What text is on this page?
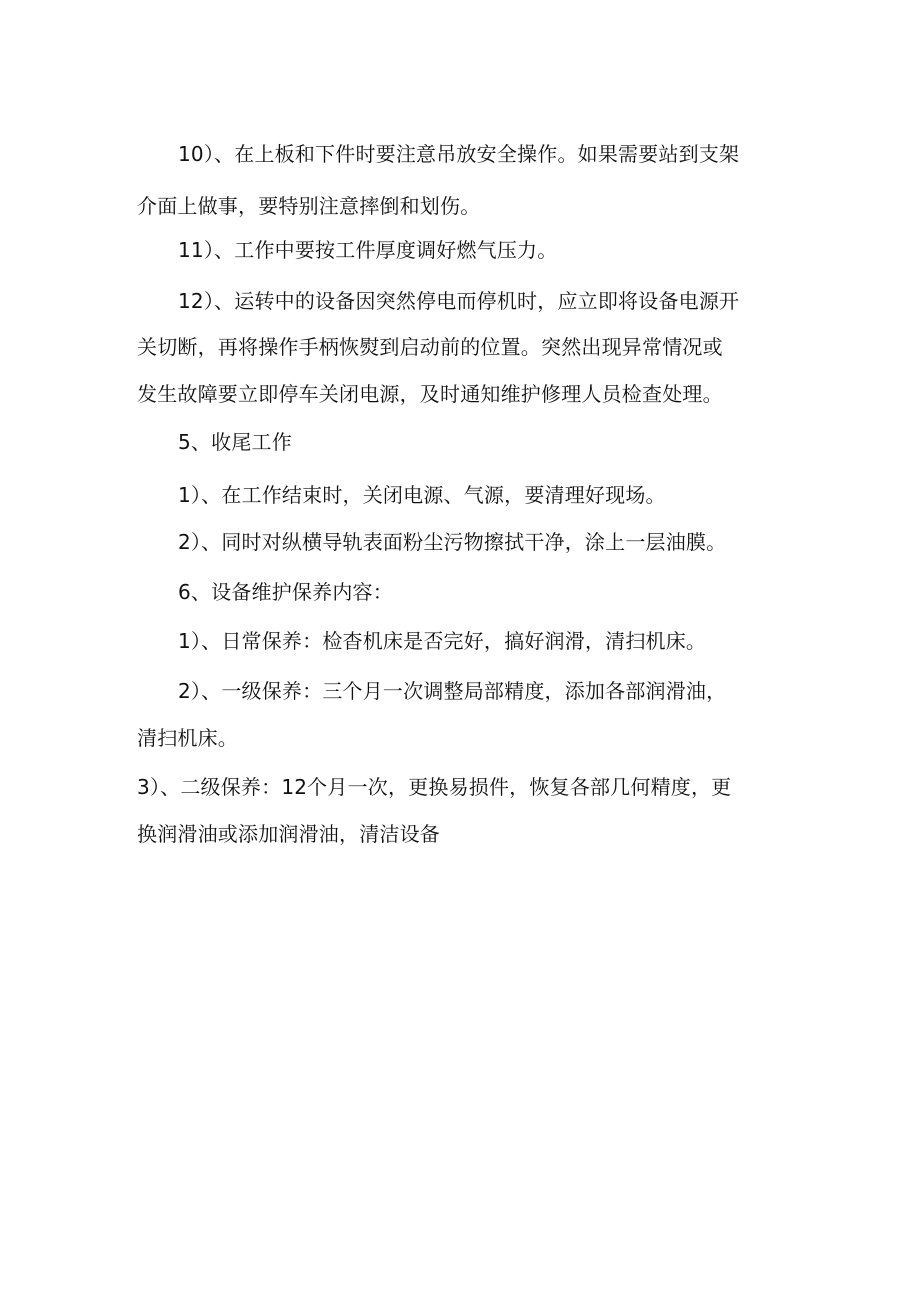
10）、在上板和下件时要注意吊放安全操作。如果需要站到支架

介面上做事，要特别注意摔倒和划伤。

11）、工作中要按工件厚度调好燃气压力。

12）、运转中的设备因突然停电而停机时，应立即将设备电源开

关切断，再将操作手柄恢熨到启动前的位置。突然出现异常情况或

发生故障要立即停车关闭电源，及时通知维护修理人员检查处理。

5、收尾工作

1）、在工作结束时，关闭电源、气源，要清理好现场。

2）、同时对纵横导轨表面粉尘污物擦拭干净，涂上一层油膜。

6、设备维护保养内容：

1）、日常保养：检杳机床是否完好，搞好润滑，清扫机床。

2）、一级保养：三个月一次调整局部精度，添加各部润滑油，

清扫机床。

3）、二级保养：12个月一次，更换易损件，恢复各部几何精度，更

换润滑油或添加润滑油，清洁设备
